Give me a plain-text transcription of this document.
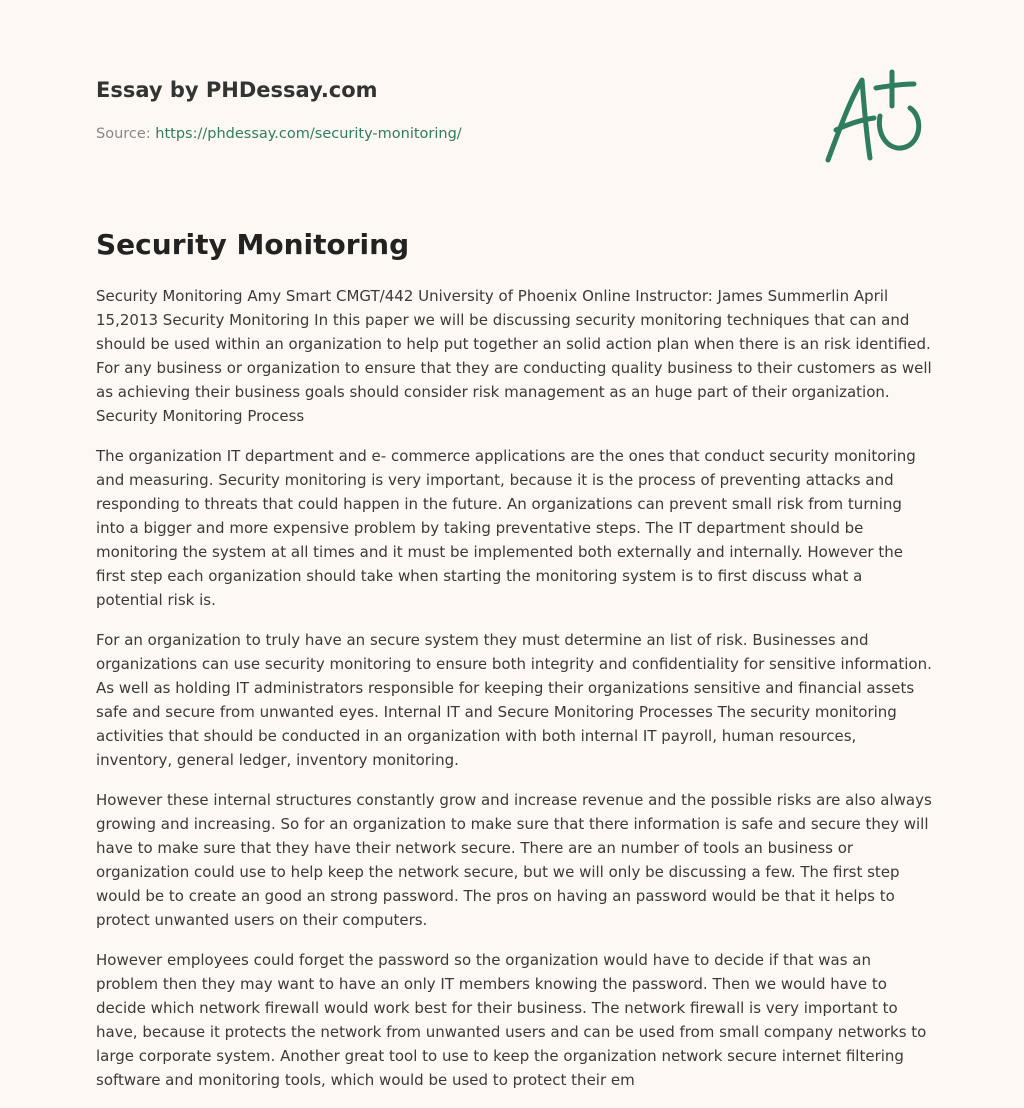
Essay by PHDessay.com
Source: https://phdessay.com/security-monitoring/
Security Monitoring

Security Monitoring Amy Smart CMGT/442 University of Phoenix Online Instructor: James Summerlin April 15,2013 Security Monitoring In this paper we will be discussing security monitoring techniques that can and should be used within an organization to help put together an solid action plan when there is an risk identified. For any business or organization to ensure that they are conducting quality business to their customers as well as achieving their business goals should consider risk management as an huge part of their organization. Security Monitoring Process

The organization IT department and e- commerce applications are the ones that conduct security monitoring and measuring. Security monitoring is very important, because it is the process of preventing attacks and responding to threats that could happen in the future. An organizations can prevent small risk from turning into a bigger and more expensive problem by taking preventative steps. The IT department should be monitoring the system at all times and it must be implemented both externally and internally. However the first step each organization should take when starting the monitoring system is to first discuss what a potential risk is.

For an organization to truly have an secure system they must determine an list of risk. Businesses and organizations can use security monitoring to ensure both integrity and confidentiality for sensitive information. As well as holding IT administrators responsible for keeping their organizations sensitive and financial assets safe and secure from unwanted eyes. Internal IT and Secure Monitoring Processes The security monitoring activities that should be conducted in an organization with both internal IT payroll, human resources, inventory, general ledger, inventory monitoring.

However these internal structures constantly grow and increase revenue and the possible risks are also always growing and increasing. So for an organization to make sure that there information is safe and secure they will have to make sure that they have their network secure. There are an number of tools an business or organization could use to help keep the network secure, but we will only be discussing a few. The first step would be to create an good an strong password. The pros on having an password would be that it helps to protect unwanted users on their computers.

However employees could forget the password so the organization would have to decide if that was an problem then they may want to have an only IT members knowing the password. Then we would have to decide which network firewall would work best for their business. The network firewall is very important to have, because it protects the network from unwanted users and can be used from small company networks to large corporate system. Another great tool to use to keep the organization network secure internet filtering software and monitoring tools, which would be used to protect their em
